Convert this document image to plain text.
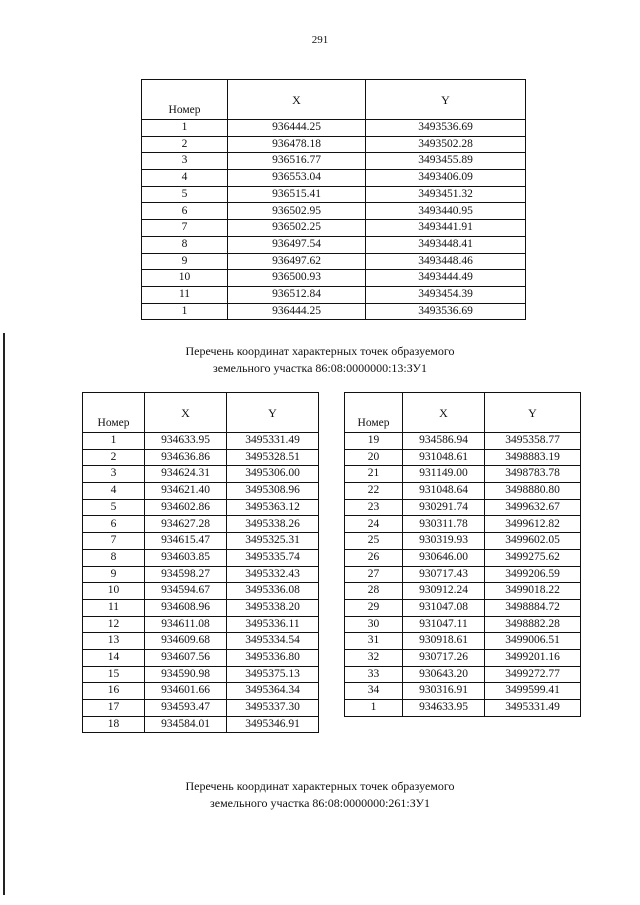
291
Номер	X	Y
1	936444.25	3493536.69
2	936478.18	3493502.28
3	936516.77	3493455.89
4	936553.04	3493406.09
5	936515.41	3493451.32
6	936502.95	3493440.95
7	936502.25	3493441.91
8	936497.54	3493448.41
9	936497.62	3493448.46
10	936500.93	3493444.49
11	936512.84	3493454.39
1	936444.25	3493536.69
Перечень координат характерных точек образуемого
земельного участка 86:08:0000000:13:ЗУ1
Номер	X	Y
1	934633.95	3495331.49
2	934636.86	3495328.51
3	934624.31	3495306.00
4	934621.40	3495308.96
5	934602.86	3495363.12
6	934627.28	3495338.26
7	934615.47	3495325.31
8	934603.85	3495335.74
9	934598.27	3495332.43
10	934594.67	3495336.08
11	934608.96	3495338.20
12	934611.08	3495336.11
13	934609.68	3495334.54
14	934607.56	3495336.80
15	934590.98	3495375.13
16	934601.66	3495364.34
17	934593.47	3495337.30
18	934584.01	3495346.91
Номер	X	Y
19	934586.94	3495358.77
20	931048.61	3498883.19
21	931149.00	3498783.78
22	931048.64	3498880.80
23	930291.74	3499632.67
24	930311.78	3499612.82
25	930319.93	3499602.05
26	930646.00	3499275.62
27	930717.43	3499206.59
28	930912.24	3499018.22
29	931047.08	3498884.72
30	931047.11	3498882.28
31	930918.61	3499006.51
32	930717.26	3499201.16
33	930643.20	3499272.77
34	930316.91	3499599.41
1	934633.95	3495331.49
Перечень координат характерных точек образуемого
земельного участка 86:08:0000000:261:ЗУ1
